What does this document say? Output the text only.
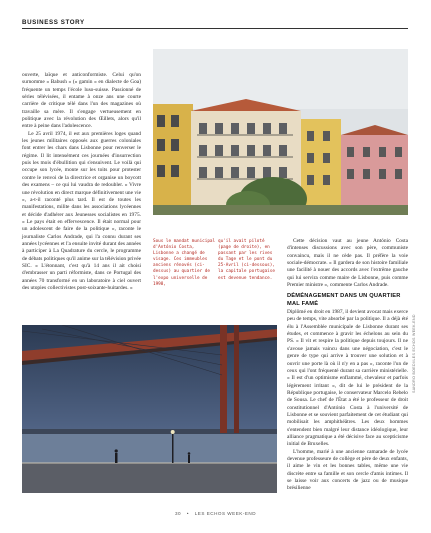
BUSINESS STORY

ouverte, laïque et anticonformiste. Celui qu'on surnomme « Babush » (« gamin » en dialecte de Goa) fréquente un temps l'école luso-suisse. Passionné de séries télévisées, il entame à onze ans une courte carrière de critique télé dans l'un des magazines où travaille sa mère. Il s'engage vertueusement en politique avec la révolution des Œillets, alors qu'il entre à peine dans l'adolescence.

Le 25 avril 1974, il est aux premières loges quand les jeunes militaires opposés aux guerres coloniales font entrer les chars dans Lisbonne pour renverser le régime. Il lit intensément ces journées d'insurrection puis les mois d'ébullition qui s'ensuivent. Le voilà qui occupe son lycée, monte sur les toits pour protester contre le renvoi de la directrice et organise un boycott des examens – ce qui lui vaudra de redoubler. « Vivre une révolution en direct marque définitivement une vie », a-t-il raconté plus tard. Il est de toutes les manifestations, milite dans les associations lycéennes et décide d'adhérer aux Jeunesses socialistes en 1975. « Le pays était en effervescence. Il était normal pour un adolescent de faire de la politique », raconte le journaliste Carlos Andrade, qui l'a connu durant ses années lycéennes et l'a ensuite invité durant des années à participer à La Quadrature du cercle, le programme de débats politiques qu'il anime sur la télévision privée SIC. « L'étonnant, c'est qu'à 14 ans il ait choisi d'embrasser un parti réformiste, dans ce Portugal des années 70 transformé en un laboratoire à ciel ouvert des utopies collectivistes post-soixante-huitardes. »

Sous le mandat municipal d'António Costa, Lisbonne a changé de visage. Ces immeubles anciens rénovés (ci-dessus) au quartier de l'expo universelle de 1998,
qu'il avait piloté (page de droite), en passant par les rives du Tage et le pont du 25-Avril (ci-dessous), la capitale portugaise est devenue tendance.

Cette décision vaut au jeune António Costa d'intenses discussions avec son père, communiste convaincu, mais il ne cède pas. Il préfère la voie sociale-démocrate. « Il gardera de son histoire familiale une facilité à nouer des accords avec l'extrême gauche qui lui servira comme maire de Lisbonne, puis comme Premier ministre », commente Carlos Andrade.

DÉMÉNAGEMENT DANS UN QUARTIER MAL FAMÉ

Diplômé en droit en 1987, il devient avocat mais exerce peu de temps, vite absorbé par la politique. Il a déjà été élu à l'Assemblée municipale de Lisbonne durant ses études, et commence à gravir les échelons au sein du PS. « Il vit et respire la politique depuis toujours. Il ne s'avoue jamais vaincu dans une négociation, c'est le genre de type qui arrive à trouver une solution et à ouvrir une porte là où il n'y en a pas », raconte l'un de ceux qui l'ont fréquenté durant sa carrière ministérielle. « Il est d'un optimisme enflammé, chevaleur et parfois légèrement irritant », dit de lui le président de la République portugaise, le conservateur Marcelo Rebelo de Sousa. Le chef de l'État a été le professeur de droit constitutionnel d'António Costa à l'université de Lisbonne et se souvient parfaitement de cet étudiant qui mobilisait les amphithéâtres. Les deux hommes s'entendent bien malgré leur distance idéologique, leur alliance pragmatique a été décisive face au scepticisme initial de Bruxelles.

L'homme, marié à une ancienne camarade de lycée devenue professeure de collège et père de deux enfants, il aime le vin et les bonnes tables, même une vie discrète entre sa famille et son cercle d'amis intimes. Il se laisse voir aux concerts de jazz ou de musique brésilienne

SANDRO BOEDI/LES ECHOS WEEK-END
30 • LES ECHOS WEEK-END
